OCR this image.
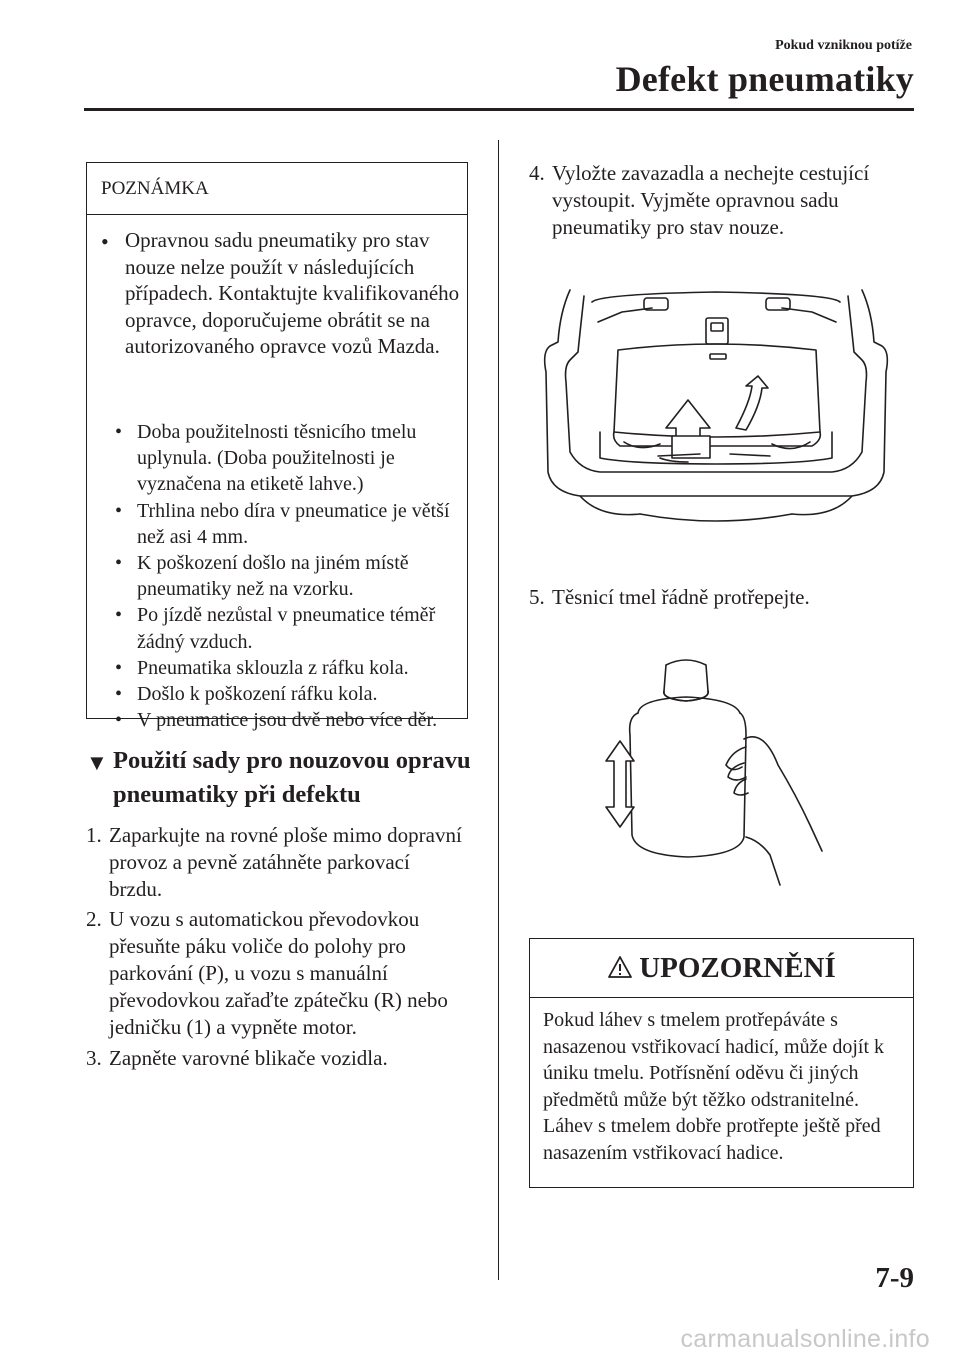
Pokud vzniknou potíže
Defekt pneumatiky
POZNÁMKA
• Opravnou sadu pneumatiky pro stav nouze nelze použít v následujících případech. Kontaktujte kvalifikovaného opravce, doporučujeme obrátit se na autorizovaného opravce vozů Mazda.
• Doba použitelnosti těsnicího tmelu uplynula. (Doba použitelnosti je vyznačena na etiketě lahve.)
• Trhlina nebo díra v pneumatice je větší než asi 4 mm.
• K poškození došlo na jiném místě pneumatiky než na vzorku.
• Po jízdě nezůstal v pneumatice téměř žádný vzduch.
• Pneumatika sklouzla z ráfku kola.
• Došlo k poškození ráfku kola.
• V pneumatice jsou dvě nebo více děr.
▼ Použití sady pro nouzovou opravu pneumatiky při defektu
1. Zaparkujte na rovné ploše mimo dopravní provoz a pevně zatáhněte parkovací brzdu.
2. U vozu s automatickou převodovkou přesuňte páku voliče do polohy pro parkování (P), u vozu s manuální převodovkou zařaďte zpátečku (R) nebo jedničku (1) a vypněte motor.
3. Zapněte varovné blikače vozidla.
4. Vyložte zavazadla a nechejte cestující vystoupit. Vyjměte opravnou sadu pneumatiky pro stav nouze.
5. Těsnicí tmel řádně protřepejte.
UPOZORNĚNÍ
Pokud láhev s tmelem protřepáváte s nasazenou vstřikovací hadicí, může dojít k úniku tmelu. Potřísnění oděvu či jiných předmětů může být těžko odstranitelné. Láhev s tmelem dobře protřepte ještě před nasazením vstřikovací hadice.
7-9
carmanualsonline.info
